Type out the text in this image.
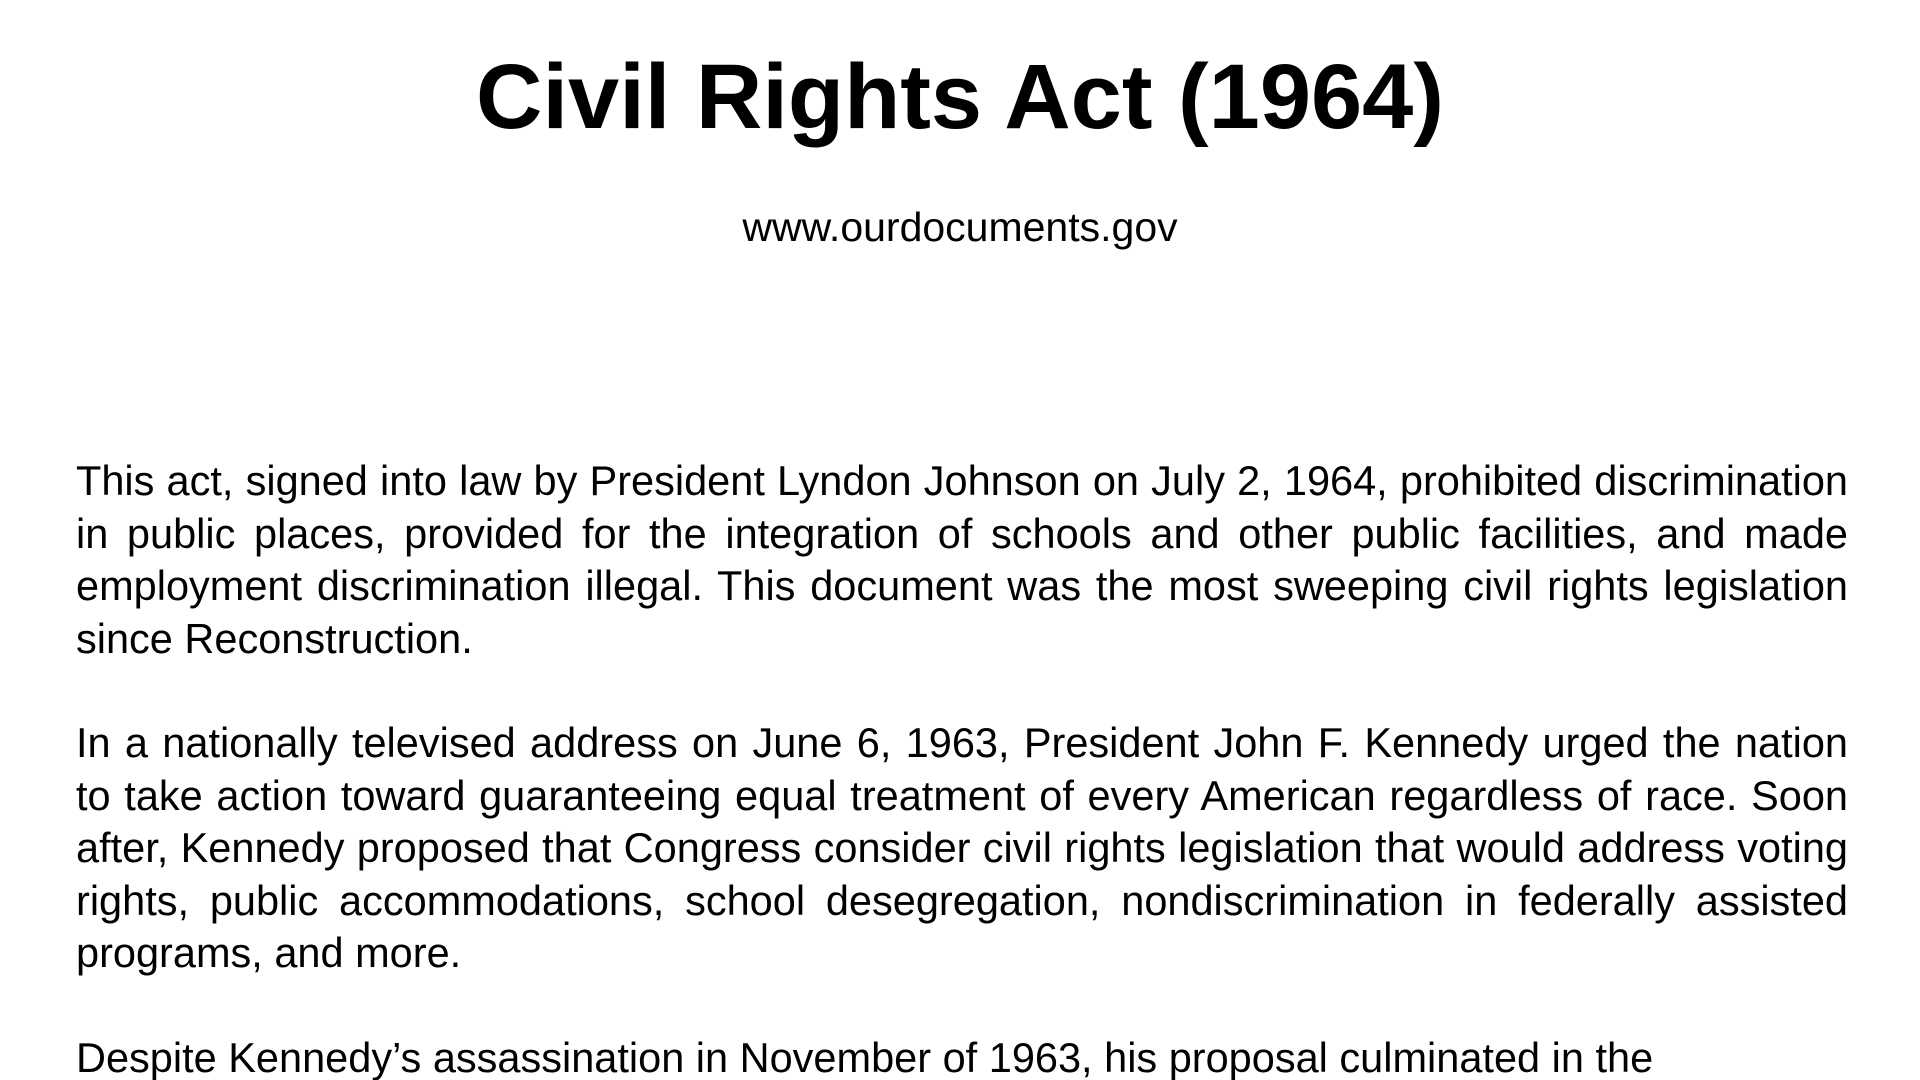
Civil Rights Act (1964)
www.ourdocuments.gov

This act, signed into law by President Lyndon Johnson on July 2, 1964, prohibited discrimination in public places, provided for the integration of schools and other public facilities, and made employment discrimination illegal. This document was the most sweeping civil rights legislation since Reconstruction.

In a nationally televised address on June 6, 1963, President John F. Kennedy urged the nation to take action toward guaranteeing equal treatment of every American regardless of race. Soon after, Kennedy proposed that Congress consider civil rights legislation that would address voting rights, public accommodations, school desegregation, nondiscrimination in federally assisted programs, and more.

Despite Kennedy’s assassination in November of 1963, his proposal culminated in the
